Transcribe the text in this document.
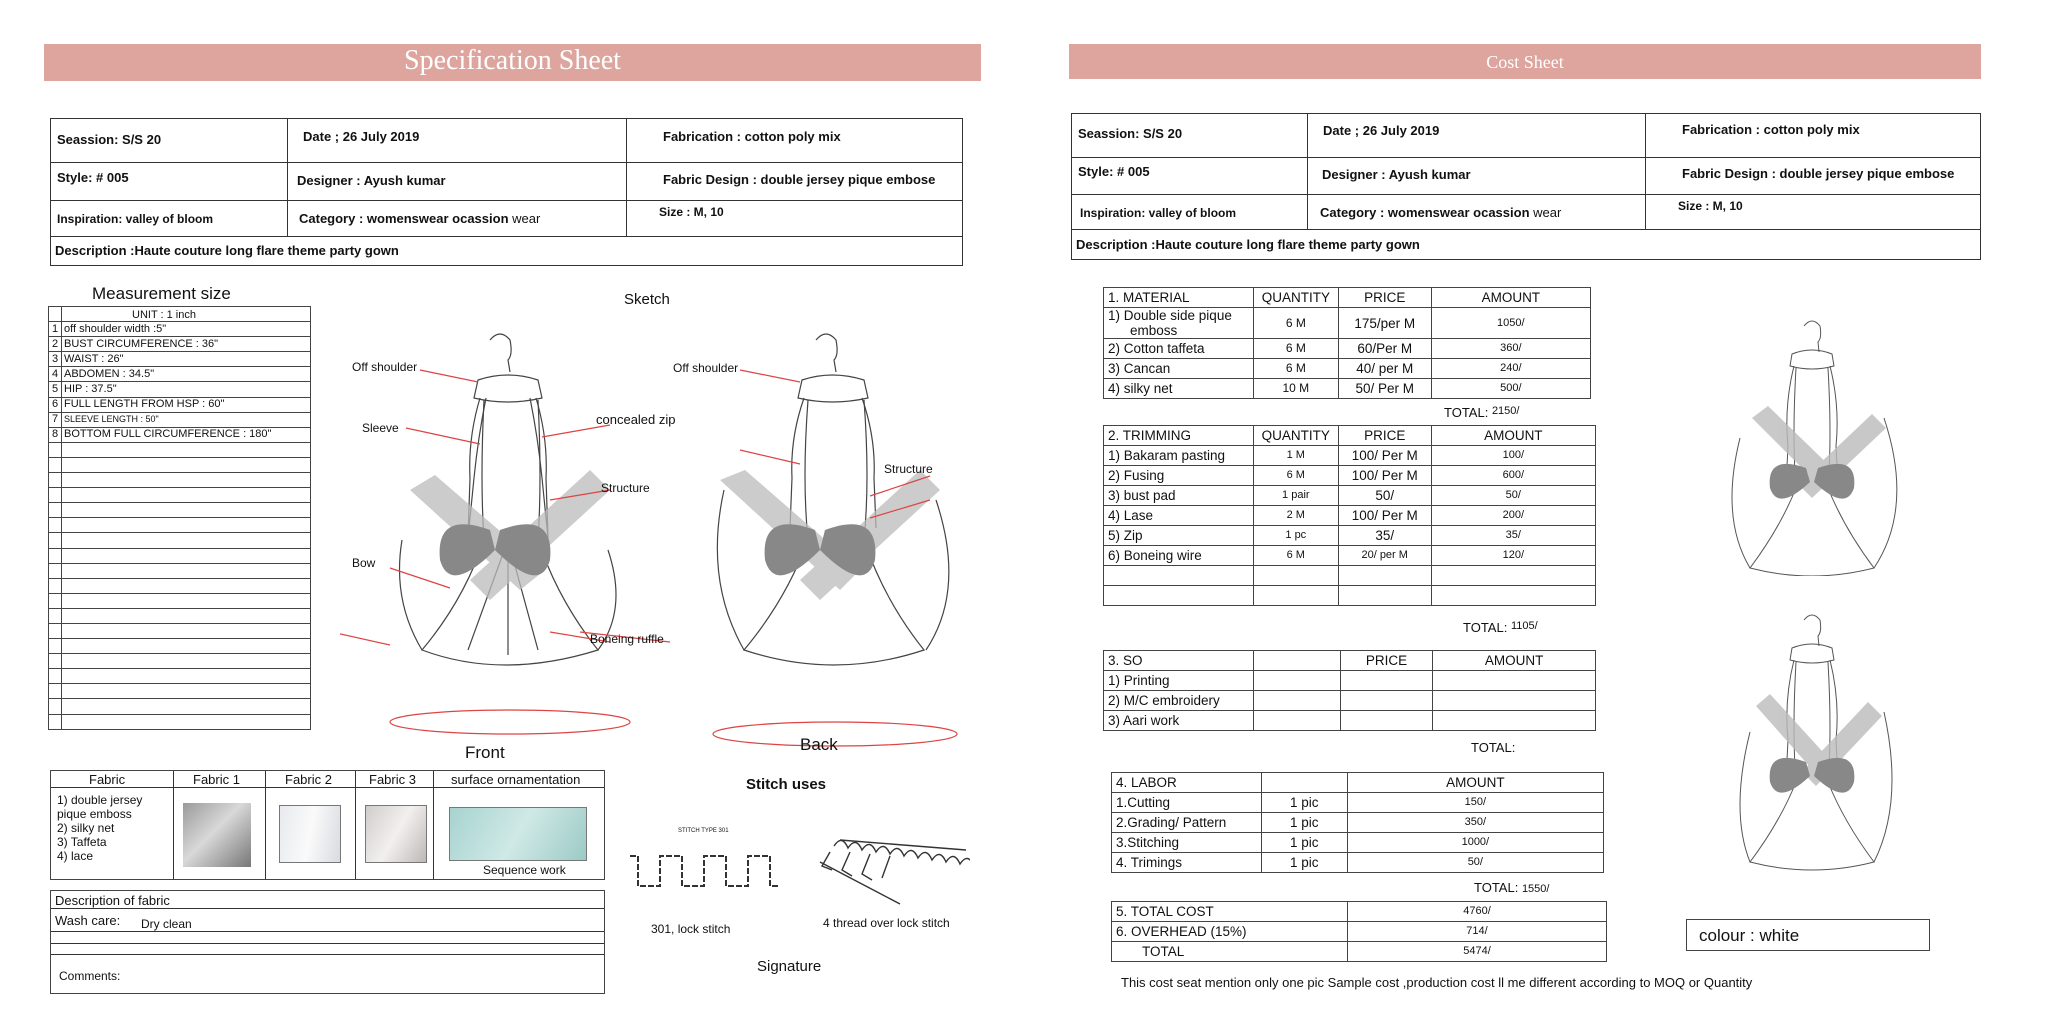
Specification Sheet
Seassion: S/S 20	Date ; 26 July 2019	Fabrication : cotton poly mix
Style: # 005	Designer : Ayush kumar	Fabric Design : double jersey pique embose
Inspiration: valley of bloom	Category : womenswear ocassion wear	Size : M, 10
Description :Haute couture long flare theme party gown
Measurement size
UNIT : 1 inch

1	off shoulder width :5"
2	BUST CIRCUMFERENCE : 36"
3	WAIST : 26"
4	ABDOMEN : 34.5"
5	HIP : 37.5"
6	FULL LENGTH FROM HSP : 60"
7	SLEEVE LENGTH : 50"
8	BOTTOM FULL CIRCUMFERENCE : 180"

Sketch
Off shoulder
Sleeve
concealed zip
Structure
Bow
Boneing ruffle
Off shoulder
Structure
Front	Back
Fabric	Fabric 1	Fabric 2	Fabric 3	surface ornamentation
1) double jersey
pique emboss
2) silky net
3) Taffeta
4) lace
Sequence work
Description of fabric
Wash care: Dry clean
Comments:
Stitch uses
STITCH TYPE 301
301, lock stitch	4 thread over lock stitch
Signature
Cost Sheet
Seassion: S/S 20	Date ; 26 July 2019	Fabrication : cotton poly mix
Style: # 005	Designer : Ayush kumar	Fabric Design : double jersey pique embose
Inspiration: valley of bloom	Category : womenswear ocassion wear	Size : M, 10
Description :Haute couture long flare theme party gown
1. MATERIAL	QUANTITY	PRICE	AMOUNT

1) Double side pique
emboss	6 M	175/per M	1050/

2) Cotton taffeta	6 M	60/Per M	360/

3) Cancan	6 M	40/ per M	240/

4) silky net	10 M	50/ Per M	500/
TOTAL: $^{2150/}$
2. TRIMMING	QUANTITY	PRICE	AMOUNT
1) Bakaram pasting	1 M	100/ Per M	100/
2) Fusing	6 M	100/ Per M	600/
3) bust pad	1 pair	50/	50/
4) Lase	2 M	100/ Per M	200/
5) Zip	1 pc	35/	35/
6) Boneing wire	6 M	20/ per M	120/

TOTAL: $^{1105/}$
3. SO		PRICE	AMOUNT
1) Printing			
2) M/C embroidery			
3) Aari work			
TOTAL:
4. LABOR		AMOUNT
1.Cutting	1 pic	150/
2.Grading/ Pattern	1 pic	350/
3.Stitching	1 pic	1000/
4. Trimings	1 pic	50/
TOTAL: 1550/
5. TOTAL COST	4760/
6. OVERHEAD (15%)	714/
TOTAL	5474/
colour : white
This cost seat mention only one pic Sample cost ,production cost ll me different according to MOQ or Quantity
